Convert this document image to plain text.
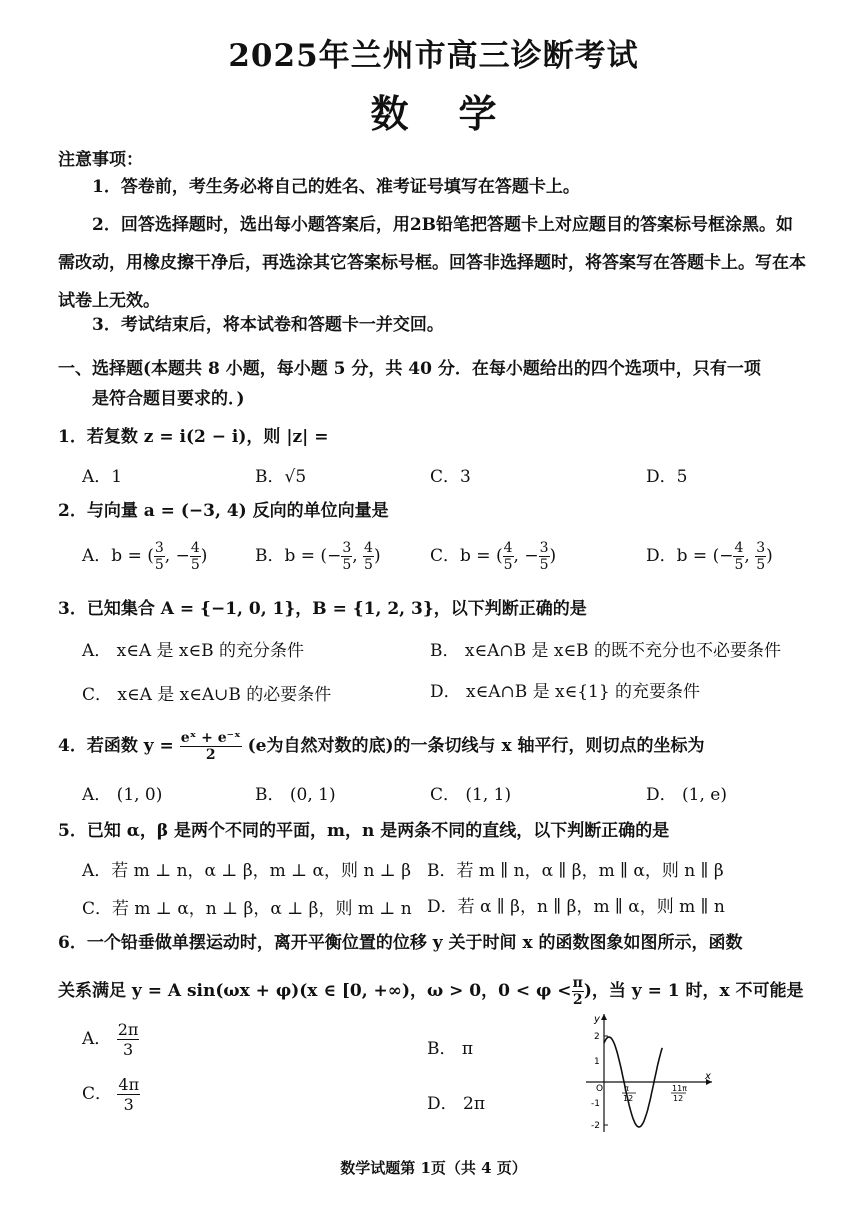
2025年兰州市高三诊断考试
数学
注意事项：
1．答卷前，考生务必将自己的姓名、准考证号填写在答题卡上。
2．回答选择题时，选出每小题答案后，用2B铅笔把答题卡上对应题目的答案标号框涂黑。如需改动，用橡皮擦干净后，再选涂其它答案标号框。回答非选择题时，将答案写在答题卡上。写在本试卷上无效。
3．考试结束后，将本试卷和答题卡一并交回。
一、选择题(本题共 8 小题，每小题 5 分，共 40 分．在每小题给出的四个选项中，只有一项
是符合题目要求的．)
1．若复数 z = i(2 − i)，则 |z| =
A．1	B．√5	C．3	D．5
2．与向量 a = (−3, 4) 反向的单位向量是
A．b = ( $\frac{3}{5}$ , − $\frac{4}{5}$ )	B．b = (− $\frac{3}{5}$ , $\frac{4}{5}$ )	C．b = ( $\frac{4}{5}$ , − $\frac{3}{5}$ )	D．b = (− $\frac{4}{5}$ , $\frac{3}{5}$ )
3．已知集合 A = {−1, 0, 1}，B = {1, 2, 3}，以下判断正确的是
A． x∈A 是 x∈B 的充分条件	B． x∈A∩B 是 x∈B 的既不充分也不必要条件
C． x∈A 是 x∈A∪B 的必要条件	D． x∈A∩B 是 x∈{1} 的充要条件
4．若函数 $y = \frac{\text{eˣ + e⁻ˣ}}{2} (e$为自然对数的底)的一条切线与 x 轴平行，则切点的坐标为
A． (1, 0)	B． (0, 1)	C． (1, 1)	D． (1, e)
5．已知 α，β 是两个不同的平面，m，n 是两条不同的直线，以下判断正确的是
A．若 m ⊥ n，α ⊥ β，m ⊥ α，则 n ⊥ β B．若 m ∥ n，α ∥ β，m ∥ α，则 n ∥ β
C．若 m ⊥ α，n ⊥ β，α ⊥ β，则 m ⊥ n D．若 α ∥ β，n ∥ β，m ∥ α，则 m ∥ n
6．一个铅垂做单摆运动时，离开平衡位置的位移 y 关于时间 x 的函数图象如图所示，函数
关系满足 y = A sin(ωx + φ)(x ∈ [0, +∞)，ω > 0，$0 < \varphi < \frac{\pi}{2}$ )，当 y = 1 时，x 不可能是
A． $\frac{2\pi}{3}$	B． π
C． $\frac{4\pi}{3}$	D． 2π
y
x
O
2
1
-1
-2
π
12
11π
12
数学试题第 1页（共 4 页）
